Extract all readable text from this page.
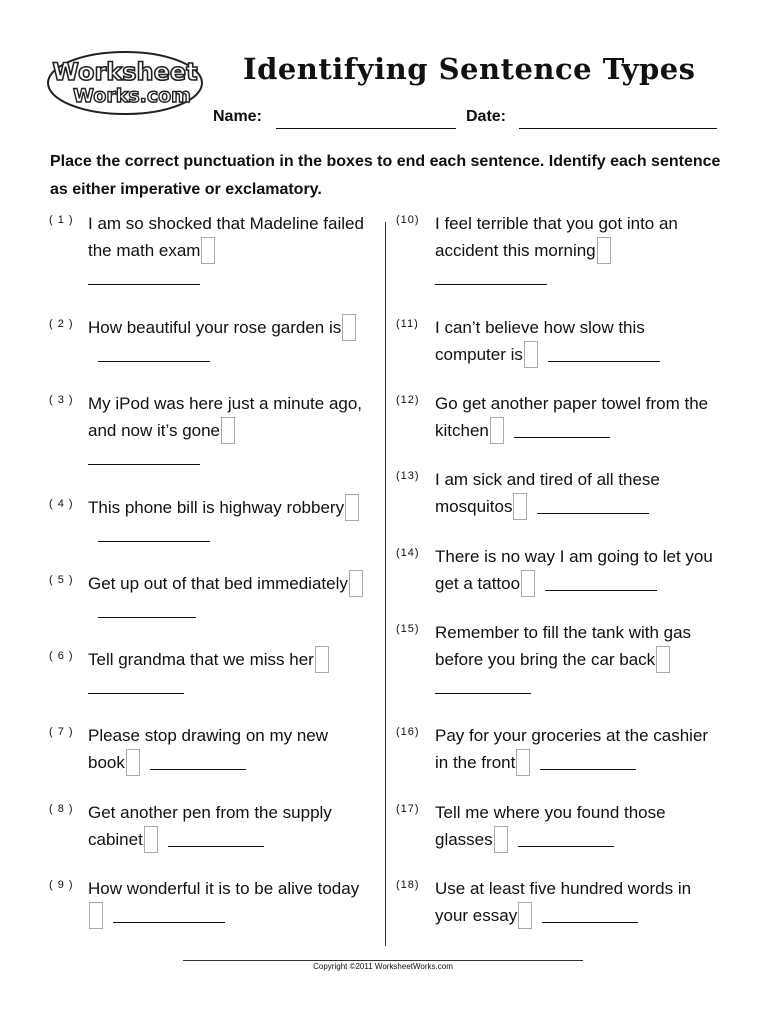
Worksheet
Works.com
Identifying Sentence Types
Name:	Date:
Place the correct punctuation in the boxes to end each sentence. Identify each sentence as either imperative or exclamatory.
( 1 ) I am so shocked that Madeline failed the math exam
( 2 ) How beautiful your rose garden is
( 3 ) My iPod was here just a minute ago, and now it’s gone
( 4 ) This phone bill is highway robbery
( 5 ) Get up out of that bed immediately
( 6 ) Tell grandma that we miss her
( 7 ) Please stop drawing on my new book
( 8 ) Get another pen from the supply cabinet
( 9 ) How wonderful it is to be alive today
(10) I feel terrible that you got into an accident this morning
(11) I can’t believe how slow this computer is
(12) Go get another paper towel from the kitchen
(13) I am sick and tired of all these mosquitos
(14) There is no way I am going to let you get a tattoo
(15) Remember to fill the tank with gas before you bring the car back
(16) Pay for your groceries at the cashier in the front
(17) Tell me where you found those glasses
(18) Use at least five hundred words in your essay
Copyright ©2011 WorksheetWorks.com
